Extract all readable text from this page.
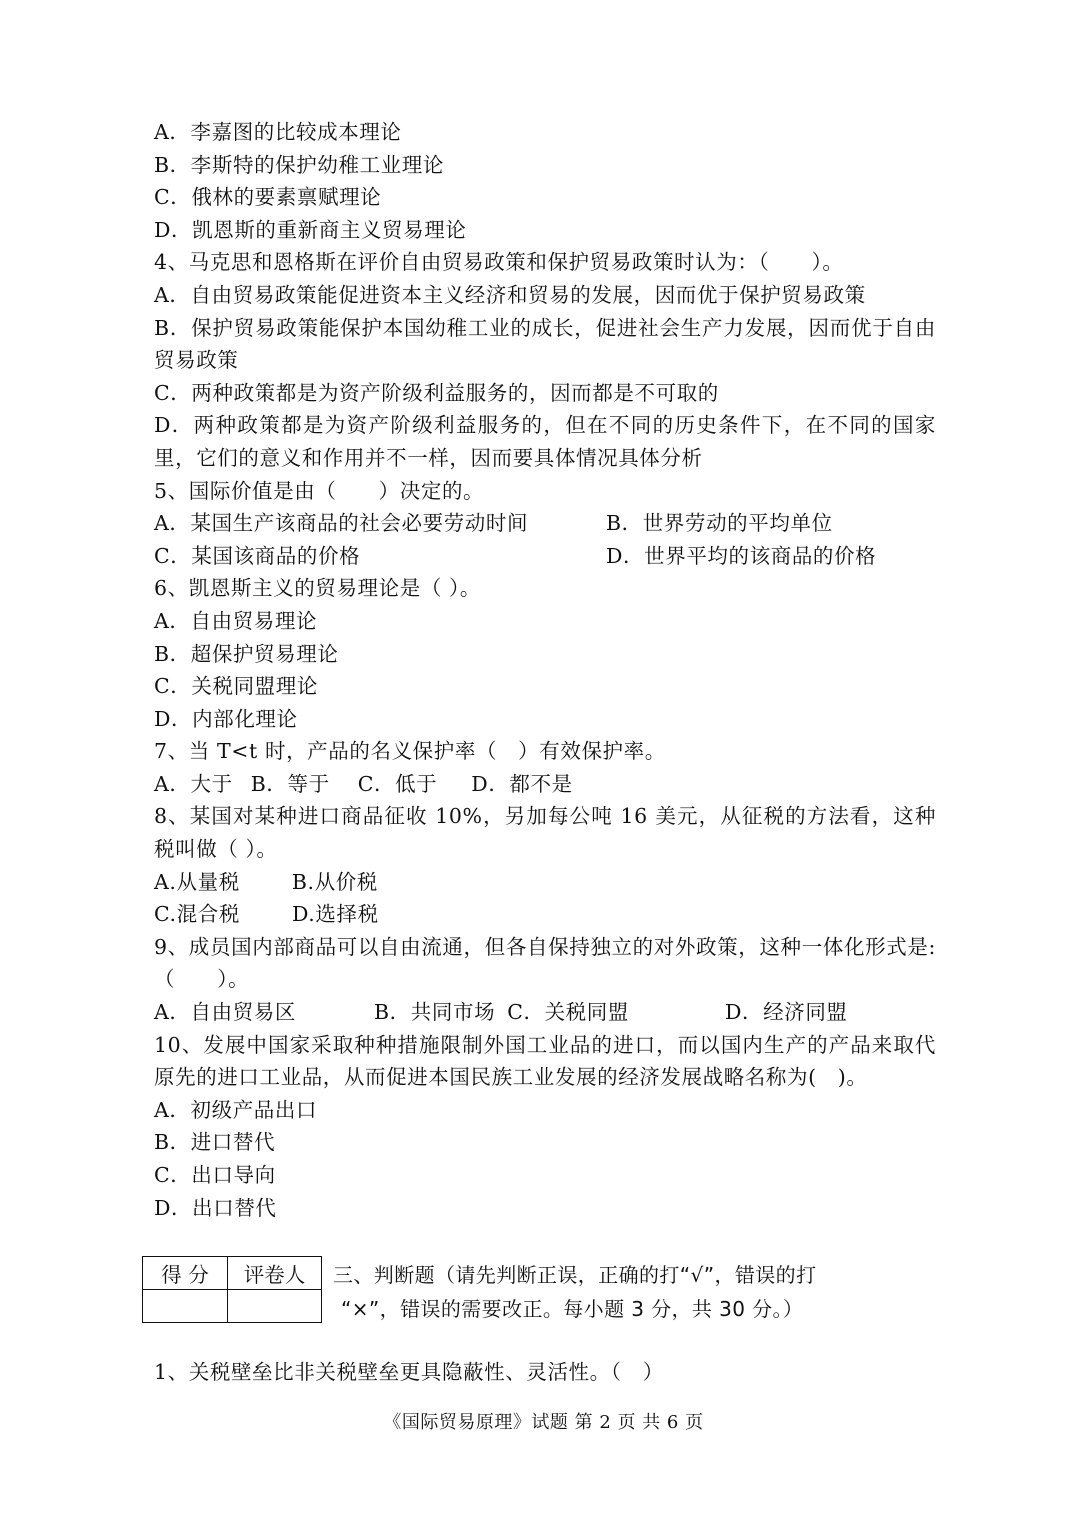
A．李嘉图的比较成本理论
B．李斯特的保护幼稚工业理论
C．俄林的要素禀赋理论
D．凯恩斯的重新商主义贸易理论
4、马克思和恩格斯在评价自由贸易政策和保护贸易政策时认为：（　　）。
A．自由贸易政策能促进资本主义经济和贸易的发展，因而优于保护贸易政策
B．保护贸易政策能保护本国幼稚工业的成长，促进社会生产力发展，因而优于自由贸易政策
C．两种政策都是为资产阶级利益服务的，因而都是不可取的
D．两种政策都是为资产阶级利益服务的，但在不同的历史条件下，在不同的国家里，它们的意义和作用并不一样，因而要具体情况具体分析
5、国际价值是由（　　）决定的。
A．某国生产该商品的社会必要劳动时间	B．世界劳动的平均单位
C．某国该商品的价格	D．世界平均的该商品的价格
6、凯恩斯主义的贸易理论是（ ）。
A．自由贸易理论
B．超保护贸易理论
C．关税同盟理论
D．内部化理论
7、当 T<t 时，产品的名义保护率（　）有效保护率。
A．大于 B．等于 C．低于 D．都不是
8、某国对某种进口商品征收 10%，另加每公吨 16 美元，从征税的方法看，这种税叫做（ ）。
A.从量税	B.从价税
C.混合税	D.选择税
9、成员国内部商品可以自由流通，但各自保持独立的对外政策，这种一体化形式是:（　　）。
A．自由贸易区	B．共同市场 C．关税同盟	D．经济同盟
10、发展中国家采取种种措施限制外国工业品的进口，而以国内生产的产品来取代原先的进口工业品，从而促进本国民族工业发展的经济发展战略名称为(　)。
A．初级产品出口
B．进口替代
C．出口导向
D．出口替代
得 分	评卷人
	三、判断题（请先判断正误，正确的打“√”，错误的打
“×”，错误的需要改正。每小题 3 分，共 30 分。）
1、关税壁垒比非关税壁垒更具隐蔽性、灵活性。（　）
《国际贸易原理》试题 第 2 页 共 6 页
